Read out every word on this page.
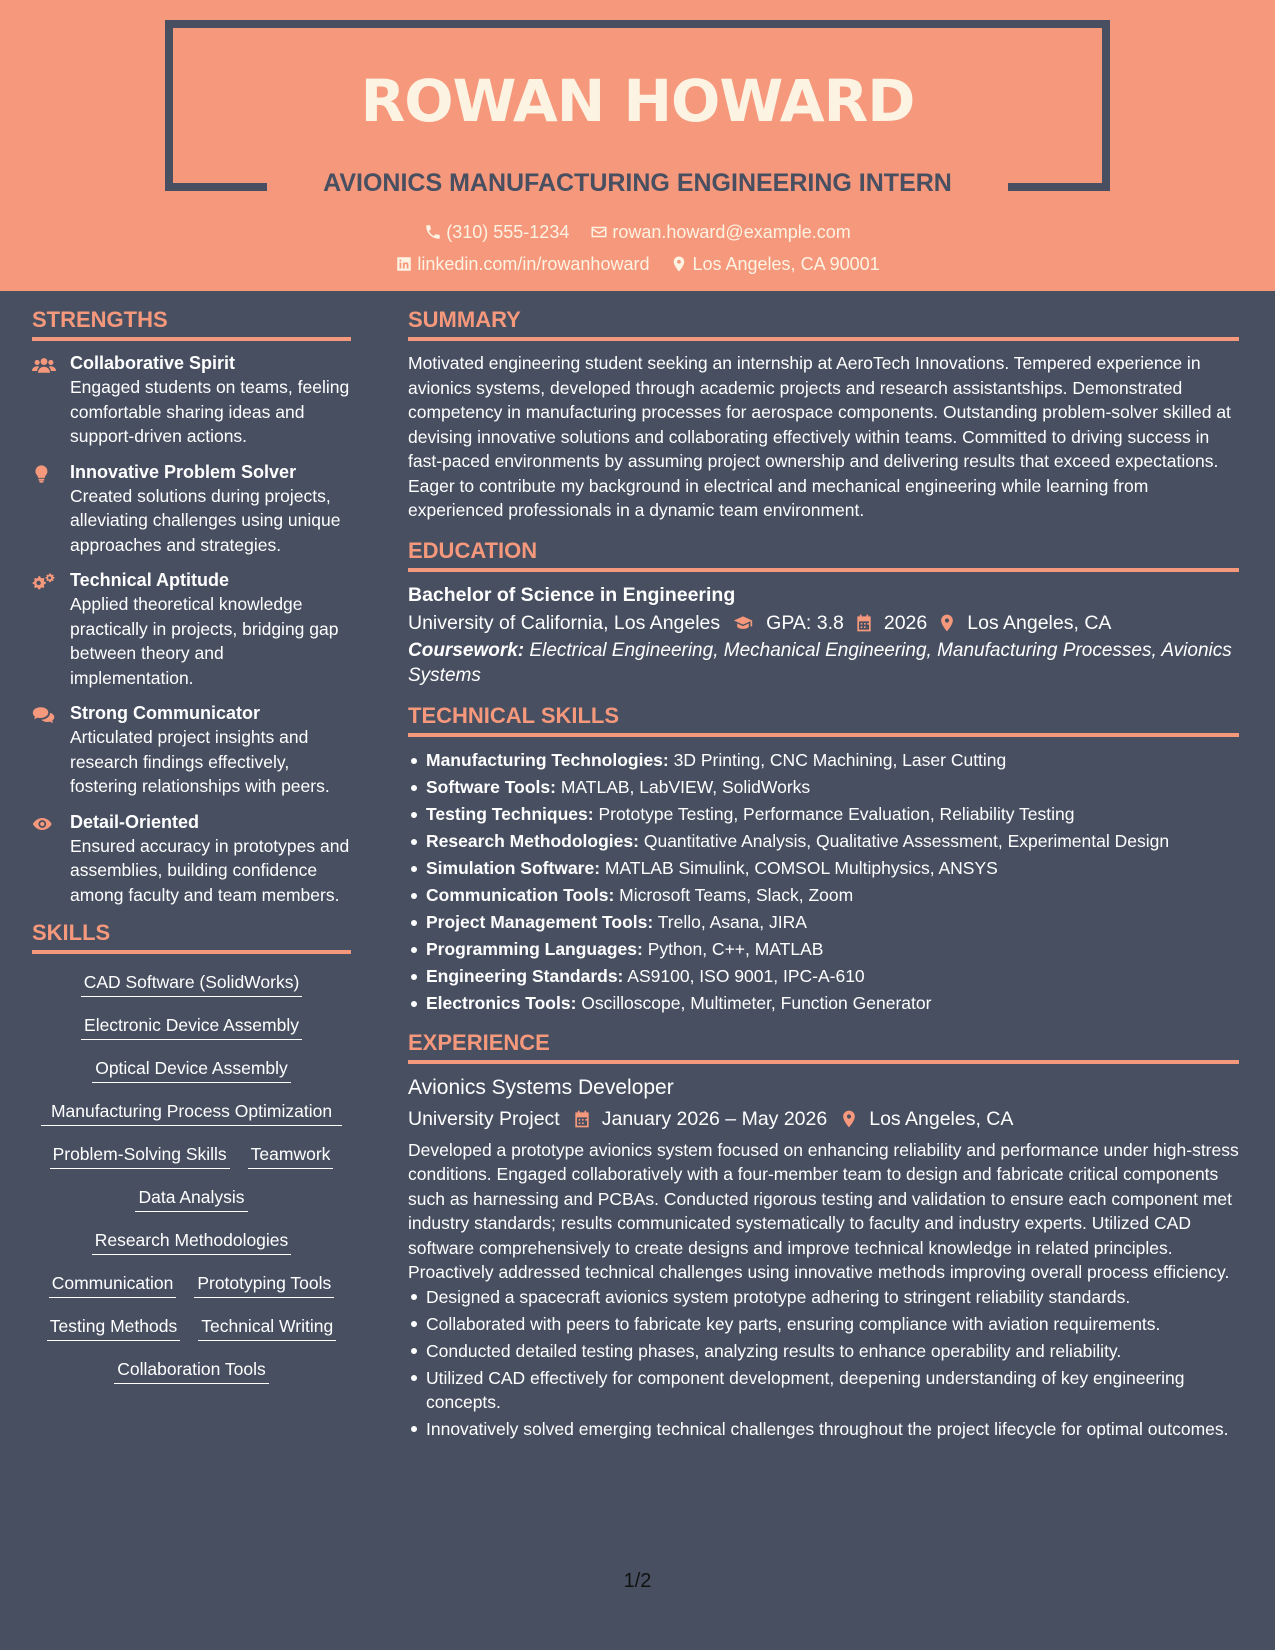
ROWAN HOWARD
AVIONICS MANUFACTURING ENGINEERING INTERN
(310) 555-1234
rowan.howard@example.com
linkedin.com/in/rowanhoward
Los Angeles, CA 90001
STRENGTHS
Collaborative Spirit
Engaged students on teams, feeling comfortable sharing ideas and support-driven actions.
Innovative Problem Solver
Created solutions during projects, alleviating challenges using unique approaches and strategies.
Technical Aptitude
Applied theoretical knowledge practically in projects, bridging gap between theory and implementation.
Strong Communicator
Articulated project insights and research findings effectively, fostering relationships with peers.
Detail-Oriented
Ensured accuracy in prototypes and assemblies, building confidence among faculty and team members.
SKILLS
CAD Software (SolidWorks)
Electronic Device Assembly
Optical Device Assembly
Manufacturing Process Optimization
Problem-Solving Skills Teamwork
Data Analysis
Research Methodologies
Communication Prototyping Tools
Testing Methods Technical Writing
Collaboration Tools
SUMMARY
Motivated engineering student seeking an internship at AeroTech Innovations. Tempered experience in avionics systems, developed through academic projects and research assistantships. Demonstrated competency in manufacturing processes for aerospace components. Outstanding problem-solver skilled at devising innovative solutions and collaborating effectively within teams. Committed to driving success in fast-paced environments by assuming project ownership and delivering results that exceed expectations. Eager to contribute my background in electrical and mechanical engineering while learning from experienced professionals in a dynamic team environment.
EDUCATION
Bachelor of Science in Engineering
University of California, Los Angeles GPA: 3.8 2026 Los Angeles, CA
Coursework: Electrical Engineering, Mechanical Engineering, Manufacturing Processes, Avionics Systems
TECHNICAL SKILLS
Manufacturing Technologies: 3D Printing, CNC Machining, Laser Cutting
Software Tools: MATLAB, LabVIEW, SolidWorks
Testing Techniques: Prototype Testing, Performance Evaluation, Reliability Testing
Research Methodologies: Quantitative Analysis, Qualitative Assessment, Experimental Design
Simulation Software: MATLAB Simulink, COMSOL Multiphysics, ANSYS
Communication Tools: Microsoft Teams, Slack, Zoom
Project Management Tools: Trello, Asana, JIRA
Programming Languages: Python, C++, MATLAB
Engineering Standards: AS9100, ISO 9001, IPC-A-610
Electronics Tools: Oscilloscope, Multimeter, Function Generator
EXPERIENCE
Avionics Systems Developer
University Project January 2026 – May 2026 Los Angeles, CA
Developed a prototype avionics system focused on enhancing reliability and performance under high-stress conditions. Engaged collaboratively with a four-member team to design and fabricate critical components such as harnessing and PCBAs. Conducted rigorous testing and validation to ensure each component met industry standards; results communicated systematically to faculty and industry experts. Utilized CAD software comprehensively to create designs and improve technical knowledge in related principles. Proactively addressed technical challenges using innovative methods improving overall process efficiency.
Designed a spacecraft avionics system prototype adhering to stringent reliability standards.
Collaborated with peers to fabricate key parts, ensuring compliance with aviation requirements.
Conducted detailed testing phases, analyzing results to enhance operability and reliability.
Utilized CAD effectively for component development, deepening understanding of key engineering concepts.
Innovatively solved emerging technical challenges throughout the project lifecycle for optimal outcomes.
1/2
